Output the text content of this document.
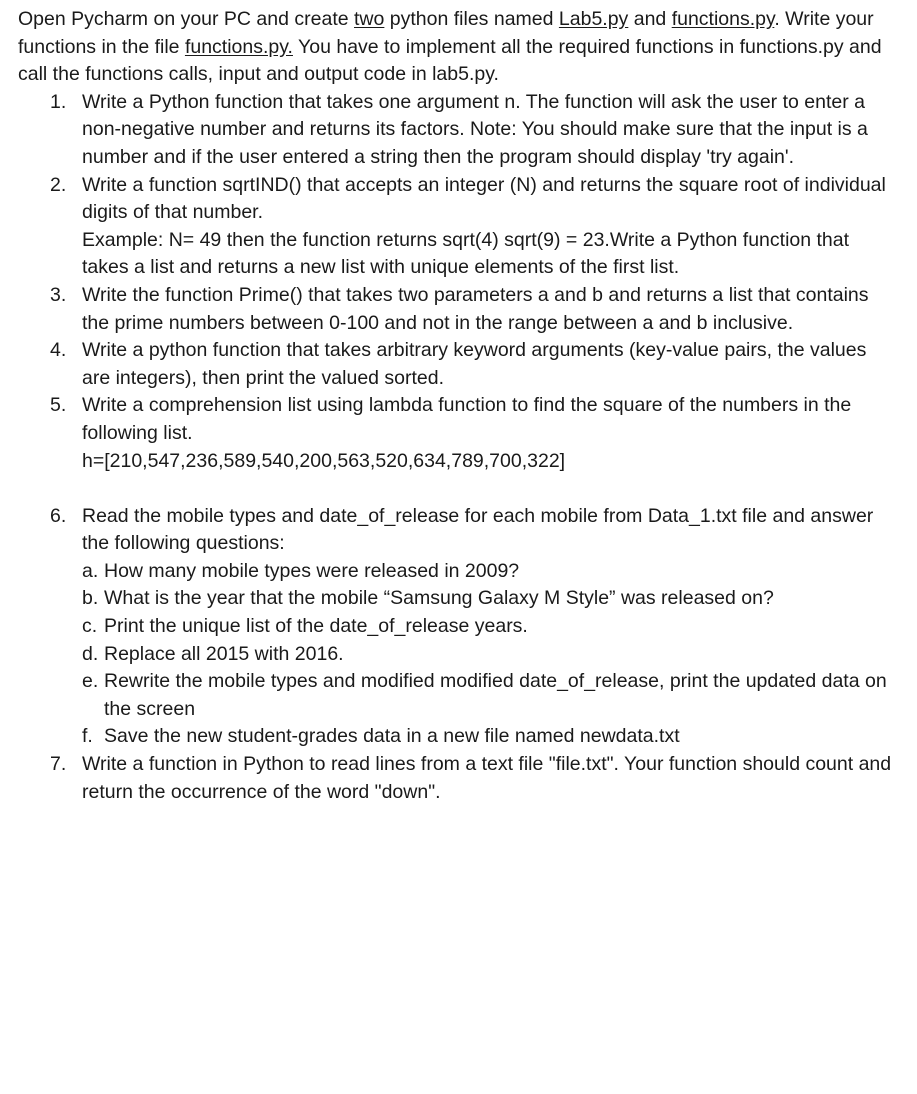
Open Pycharm on your PC and create two python files named Lab5.py and functions.py. Write your functions in the file functions.py. You have to implement all the required functions in functions.py and call the functions calls, input and output code in lab5.py.

1. Write a Python function that takes one argument n. The function will ask the user to enter a non-negative number and returns its factors. Note: You should make sure that the input is a number and if the user entered a string then the program should display 'try again'.
2. Write a function sqrtIND() that accepts an integer (N) and returns the square root of individual digits of that number.
Example: N= 49 then the function returns sqrt(4) sqrt(9) = 23.Write a Python function that takes a list and returns a new list with unique elements of the first list.
3. Write the function Prime() that takes two parameters a and b and returns a list that contains the prime numbers between 0-100 and not in the range between a and b inclusive.
4. Write a python function that takes arbitrary keyword arguments (key-value pairs, the values are integers), then print the valued sorted.
5. Write a comprehension list using lambda function to find the square of the numbers in the following list.
h=[210,547,236,589,540,200,563,520,634,789,700,322]
6. Read the mobile types and date_of_release for each mobile from Data_1.txt file and answer the following questions:
a. How many mobile types were released in 2009?
b. What is the year that the mobile “Samsung Galaxy M Style” was released on?
c. Print the unique list of the date_of_release years.
d. Replace all 2015 with 2016.
e. Rewrite the mobile types and modified modified date_of_release, print the updated data on the screen
f. Save the new student-grades data in a new file named newdata.txt
7. Write a function in Python to read lines from a text file "file.txt". Your function should count and return the occurrence of the word "down".
